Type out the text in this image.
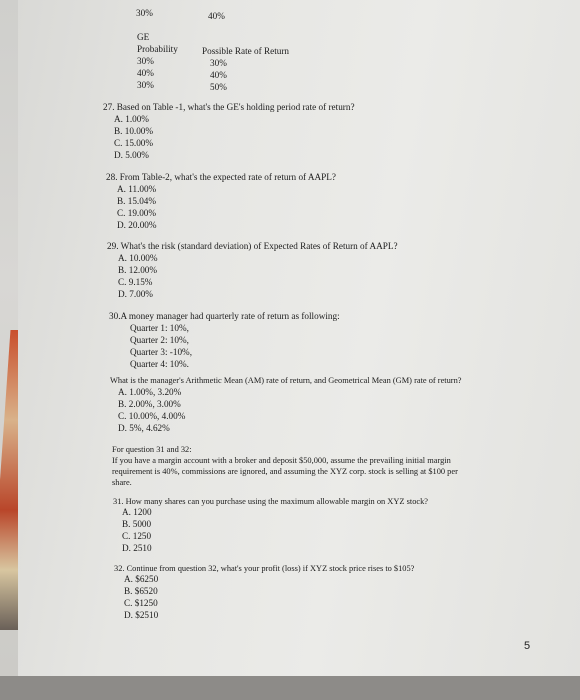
30%	40%
GE
Probability	Possible Rate of Return
30%	30%
40%	40%
30%	50%
27. Based on Table -1, what's the GE's holding period rate of return?
A. 1.00%
B. 10.00%
C. 15.00%
D. 5.00%
28. From Table-2, what's the expected rate of return of AAPL?
A. 11.00%
B. 15.04%
C. 19.00%
D. 20.00%
29. What's the risk (standard deviation) of Expected Rates of Return of AAPL?
A. 10.00%
B. 12.00%
C. 9.15%
D. 7.00%
30.A money manager had quarterly rate of return as following:
Quarter 1: 10%,
Quarter 2: 10%,
Quarter 3: -10%,
Quarter 4: 10%.
What is the manager's Arithmetic Mean (AM) rate of return, and Geometrical Mean (GM) rate of return?
A. 1.00%, 3.20%
B. 2.00%, 3.00%
C. 10.00%, 4.00%
D. 5%, 4.62%
For question 31 and 32:
If you have a margin account with a broker and deposit $50,000, assume the prevailing initial margin
requirement is 40%, commissions are ignored, and assuming the XYZ corp. stock is selling at $100 per
share.
31. How many shares can you purchase using the maximum allowable margin on XYZ stock?
A. 1200
B. 5000
C. 1250
D. 2510
32. Continue from question 32, what's your profit (loss) if XYZ stock price rises to $105?
A. $6250
B. $6520
C. $1250
D. $2510
5
